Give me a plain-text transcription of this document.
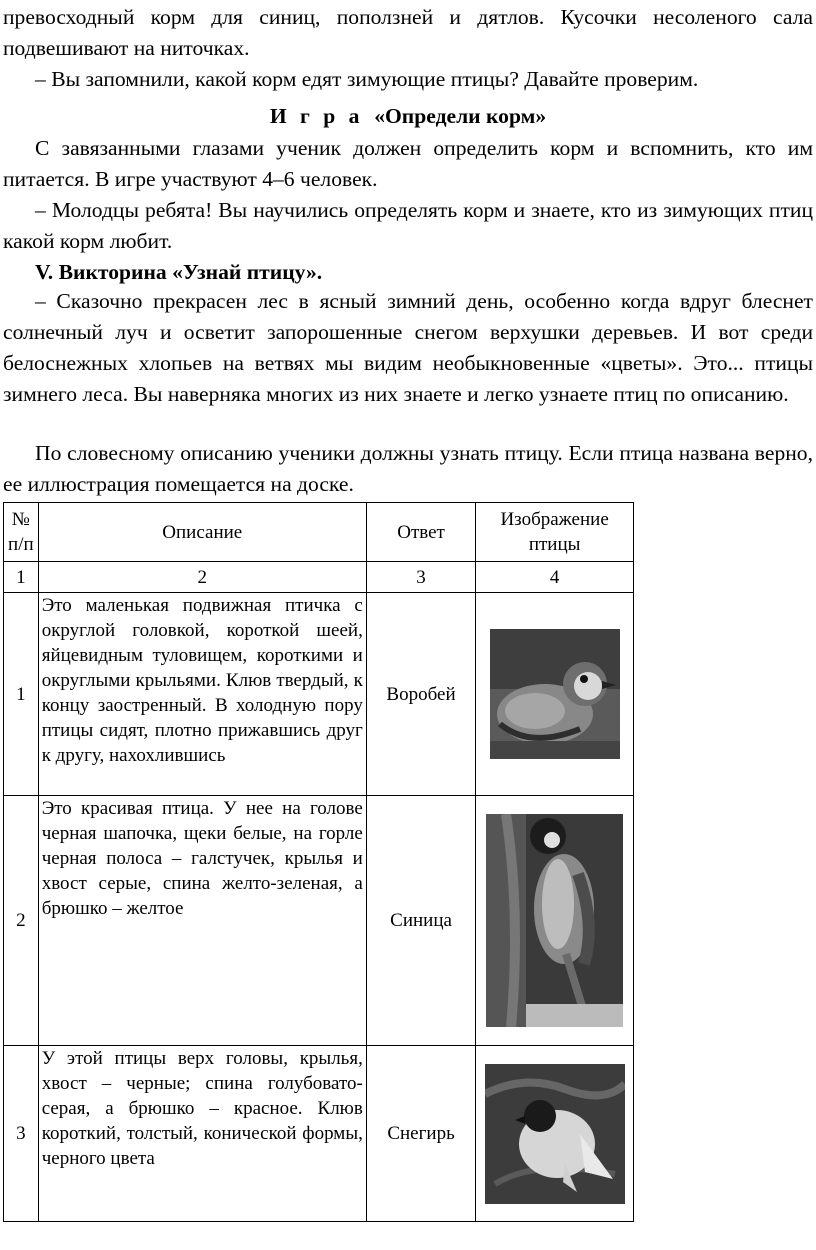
превосходный корм для синиц, поползней и дятлов. Кусочки несоленого сала подвешивают на ниточках.

– Вы запомнили, какой корм едят зимующие птицы? Давайте проверим.

И г р а «Определи корм»

С завязанными глазами ученик должен определить корм и вспомнить, кто им питается. В игре участвуют 4–6 человек.

– Молодцы ребята! Вы научились определять корм и знаете, кто из зимующих птиц какой корм любит.

V. Викторина «Узнай птицу».

– Сказочно прекрасен лес в ясный зимний день, особенно когда вдруг блеснет солнечный луч и осветит запорошенные снегом верхушки деревьев. И вот среди белоснежных хлопьев на ветвях мы видим необыкновенные «цветы». Это... птицы зимнего леса. Вы наверняка многих из них знаете и легко узнаете птиц по описанию.

По словесному описанию ученики должны узнать птицу. Если птица названа верно, ее иллюстрация помещается на доске.

№ п/п	Описание	Ответ	Изображение птицы
1	2	3	4
1	Это маленькая подвижная птичка с округлой головкой, короткой шеей, яйцевидным туловищем, короткими и округлыми крыльями. Клюв твердый, к концу заостренный. В холодную пору птицы сидят, плотно прижавшись друг к другу, нахохлившись	Воробей	

2	Это красивая птица. У нее на голове черная шапочка, щеки белые, на горле черная полоса – галстучек, крылья и хвост серые, спина желто-зеленая, а брюшко – желтое	Синица	

3	У этой птицы верх головы, крылья, хвост – черные; спина голубовато-серая, а брюшко – красное. Клюв короткий, толстый, конической формы, черного цвета	Снегирь	
